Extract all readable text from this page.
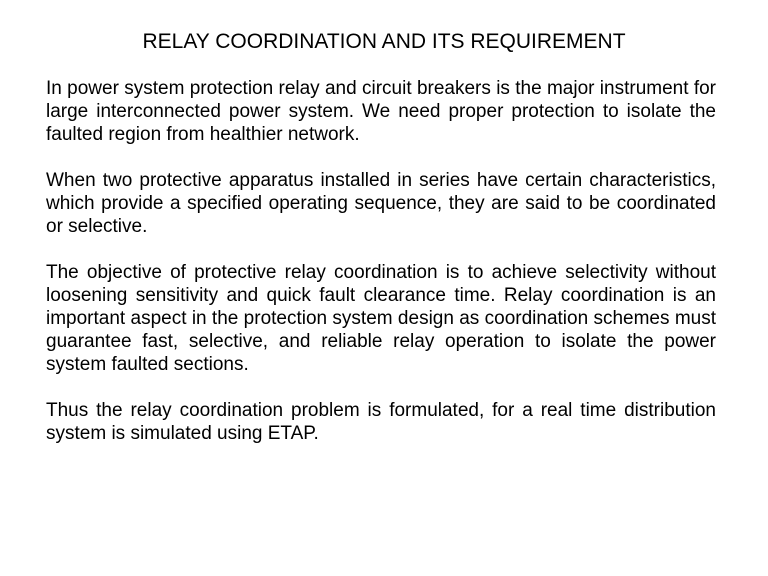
RELAY COORDINATION AND ITS REQUIREMENT

In power system protection relay and circuit breakers is the major instrument for large interconnected power system. We need proper protection to isolate the faulted region from healthier network.

When two protective apparatus installed in series have certain characteristics, which provide a specified operating sequence, they are said to be coordinated or selective.

The objective of protective relay coordination is to achieve selectivity without loosening sensitivity and quick fault clearance time. Relay coordination is an important aspect in the protection system design as coordination schemes must guarantee fast, selective, and reliable relay operation to isolate the power system faulted sections.

Thus the relay coordination problem is formulated, for a real time distribution system is simulated using ETAP.
